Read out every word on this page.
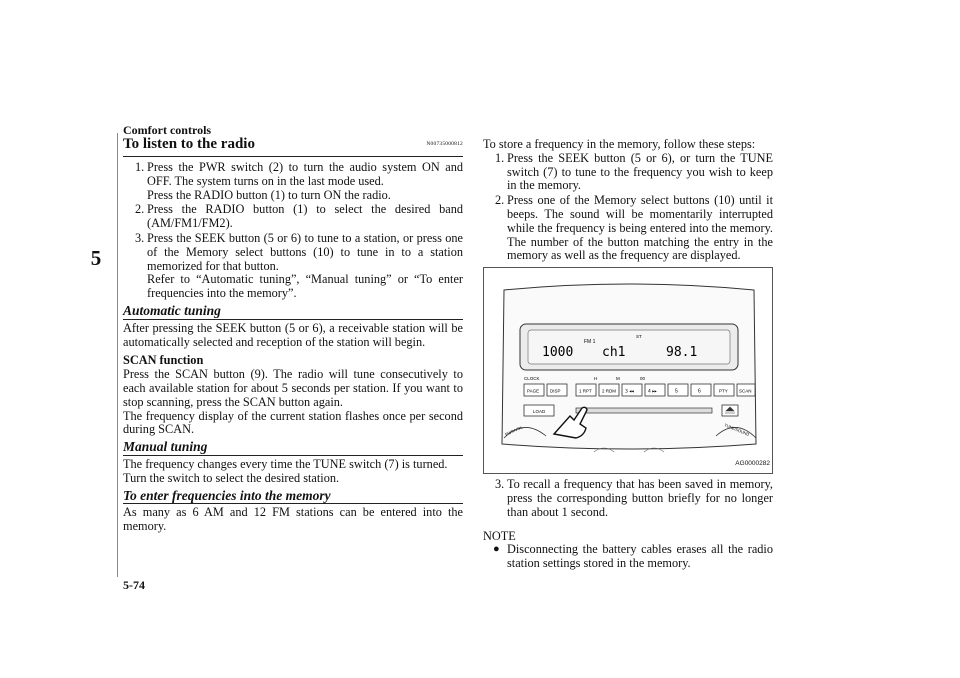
Comfort controls
5
5-74
To listen to the radio	N00735000812
1. Press the PWR switch (2) to turn the audio system ON and OFF. The system turns on in the last mode used.
Press the RADIO button (1) to turn ON the radio.
2. Press the RADIO button (1) to select the desired band (AM/FM1/FM2).
3. Press the SEEK button (5 or 6) to tune to a station, or press one of the Memory select buttons (10) to tune in to a station memorized for that button.
Refer to “Automatic tuning”, “Manual tuning” or “To enter frequencies into the memory”.
Automatic tuning

After pressing the SEEK button (5 or 6), a receivable station will be automatically selected and reception of the station will begin.

SCAN function

Press the SCAN button (9). The radio will tune consecutively to each available station for about 5 seconds per station. If you want to stop scanning, press the SCAN button again.

The frequency display of the current station flashes once per second during SCAN.

Manual tuning

The frequency changes every time the TUNE switch (7) is turned.

Turn the switch to select the desired station.

To enter frequencies into the memory

As many as 6 AM and 12 FM stations can be entered into the memory.

To store a frequency in the memory, follow these steps:

1. Press the SEEK button (5 or 6), or turn the TUNE switch (7) to tune to the frequency you wish to keep in the memory.
2. Press one of the Memory select buttons (10) until it beeps. The sound will be momentarily interrupted while the frequency is being entered into the memory. The number of the button matching the entry in the memory as well as the frequency are displayed.
1000
FM 1
ch1
ST
98.1
CLOCK	H	M	00
PAGE DISP	1 RPT 2 RDM 3 ◂◂	4 ▸▸	5	6	PTY SCAN
LOAD
PWR/VOL	TUNE/SOUND
AG0000282
3. To recall a frequency that has been saved in memory, press the corresponding button briefly for no longer than about 1 second.
NOTE
● Disconnecting the battery cables erases all the radio station settings stored in the memory.
